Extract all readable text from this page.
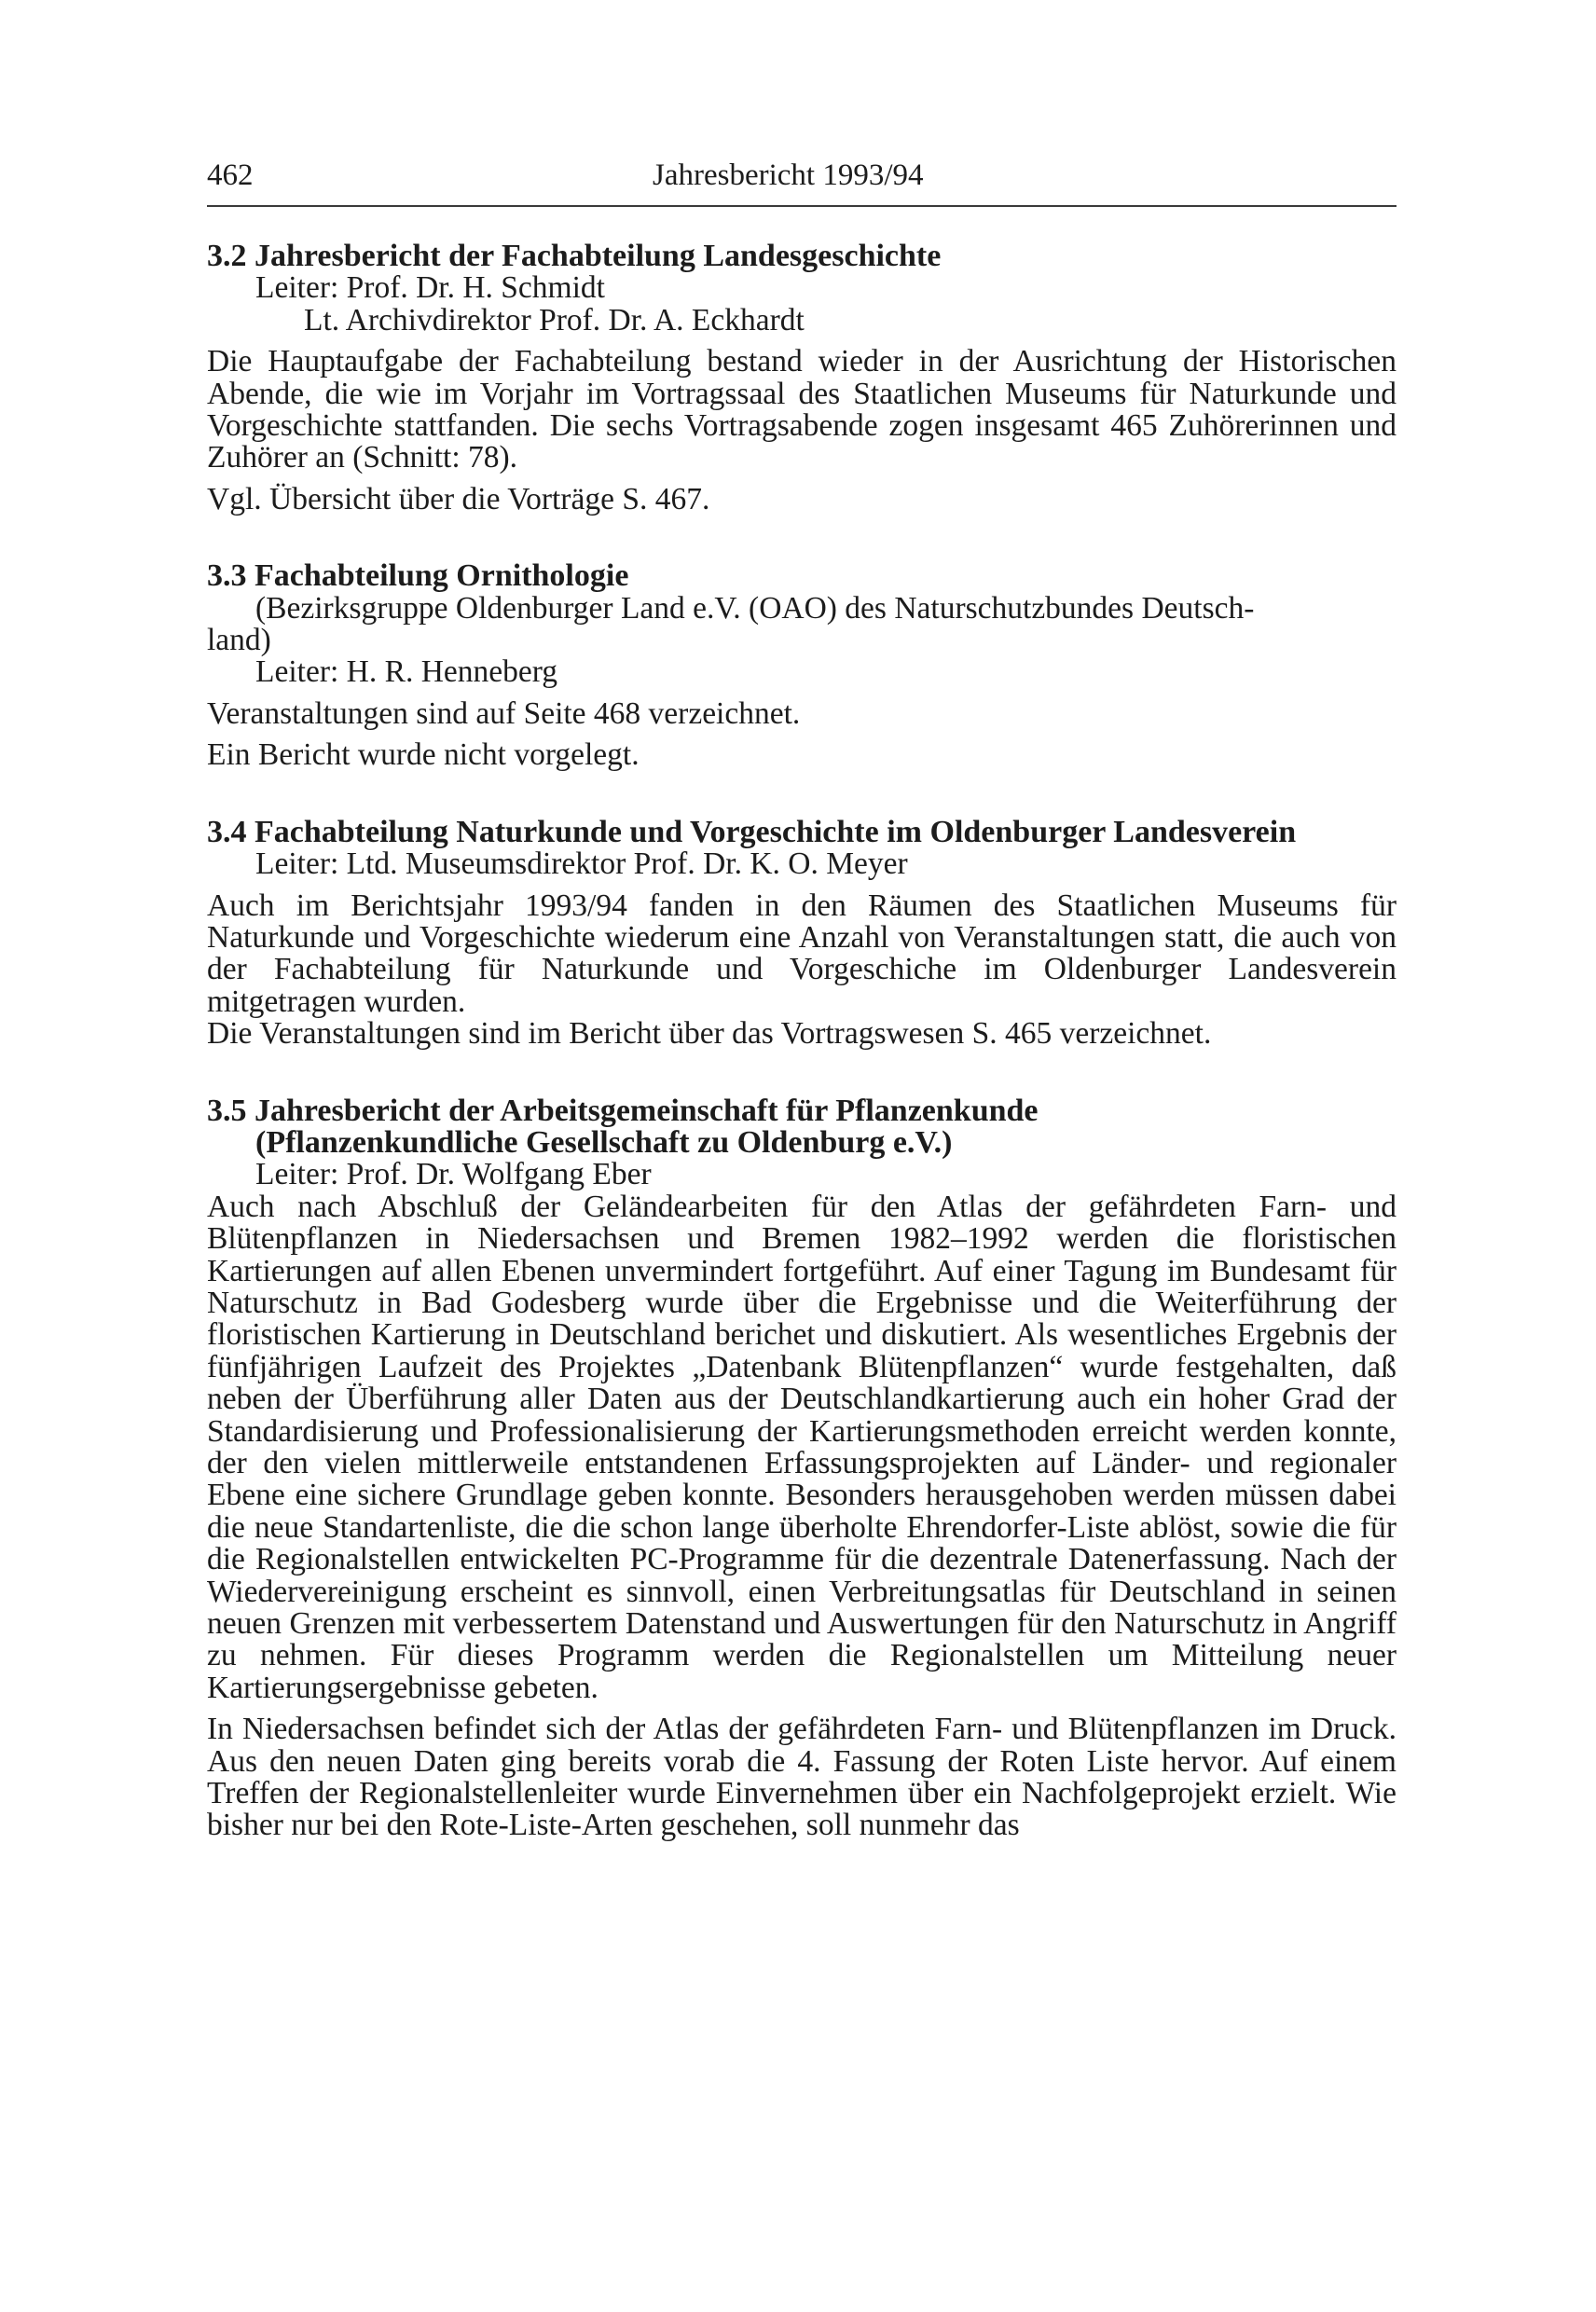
462	Jahresbericht 1993/94
3.2 Jahresbericht der Fachabteilung Landesgeschichte
Leiter: Prof. Dr. H. Schmidt
Lt. Archivdirektor Prof. Dr. A. Eckhardt

Die Hauptaufgabe der Fachabteilung bestand wieder in der Ausrichtung der Historischen Abende, die wie im Vorjahr im Vortragssaal des Staatlichen Museums für Naturkunde und Vorgeschichte stattfanden. Die sechs Vortragsabende zogen insgesamt 465 Zuhörerinnen und Zuhörer an (Schnitt: 78).

Vgl. Übersicht über die Vorträge S. 467.

3.3 Fachabteilung Ornithologie
(Bezirksgruppe Oldenburger Land e.V. (OAO) des Naturschutzbundes Deutsch-
land)
Leiter: H. R. Henneberg

Veranstaltungen sind auf Seite 468 verzeichnet.

Ein Bericht wurde nicht vorgelegt.

3.4 Fachabteilung Naturkunde und Vorgeschichte im Oldenburger Landesverein
Leiter: Ltd. Museumsdirektor Prof. Dr. K. O. Meyer

Auch im Berichtsjahr 1993/94 fanden in den Räumen des Staatlichen Museums für Naturkunde und Vorgeschichte wiederum eine Anzahl von Veranstaltungen statt, die auch von der Fachabteilung für Naturkunde und Vorgeschiche im Oldenburger Landesverein mitgetragen wurden.

Die Veranstaltungen sind im Bericht über das Vortragswesen S. 465 verzeichnet.

3.5 Jahresbericht der Arbeitsgemeinschaft für Pflanzenkunde
(Pflanzenkundliche Gesellschaft zu Oldenburg e.V.)
Leiter: Prof. Dr. Wolfgang Eber

Auch nach Abschluß der Geländearbeiten für den Atlas der gefährdeten Farn- und Blütenpflanzen in Niedersachsen und Bremen 1982–1992 werden die floristischen Kartierungen auf allen Ebenen unvermindert fortgeführt. Auf einer Tagung im Bundesamt für Naturschutz in Bad Godesberg wurde über die Ergebnisse und die Weiterführung der floristischen Kartierung in Deutschland berichet und diskutiert. Als wesentliches Ergebnis der fünfjährigen Laufzeit des Projektes „Datenbank Blütenpflanzen“ wurde festgehalten, daß neben der Überführung aller Daten aus der Deutschlandkartierung auch ein hoher Grad der Standardisierung und Professionalisierung der Kartierungsmethoden erreicht werden konnte, der den vielen mittlerweile entstandenen Erfassungsprojekten auf Länder- und regionaler Ebene eine sichere Grundlage geben konnte. Besonders herausgehoben werden müssen dabei die neue Standartenliste, die die schon lange überholte Ehrendorfer-Liste ablöst, sowie die für die Regionalstellen entwickelten PC-Programme für die dezentrale Datenerfassung. Nach der Wiedervereinigung erscheint es sinnvoll, einen Verbreitungsatlas für Deutschland in seinen neuen Grenzen mit verbessertem Datenstand und Auswertungen für den Naturschutz in Angriff zu nehmen. Für dieses Programm werden die Regionalstellen um Mitteilung neuer Kartierungsergebnisse gebeten.

In Niedersachsen befindet sich der Atlas der gefährdeten Farn- und Blütenpflanzen im Druck. Aus den neuen Daten ging bereits vorab die 4. Fassung der Roten Liste hervor. Auf einem Treffen der Regionalstellenleiter wurde Einvernehmen über ein Nachfolgeprojekt erzielt. Wie bisher nur bei den Rote-Liste-Arten geschehen, soll nunmehr das
